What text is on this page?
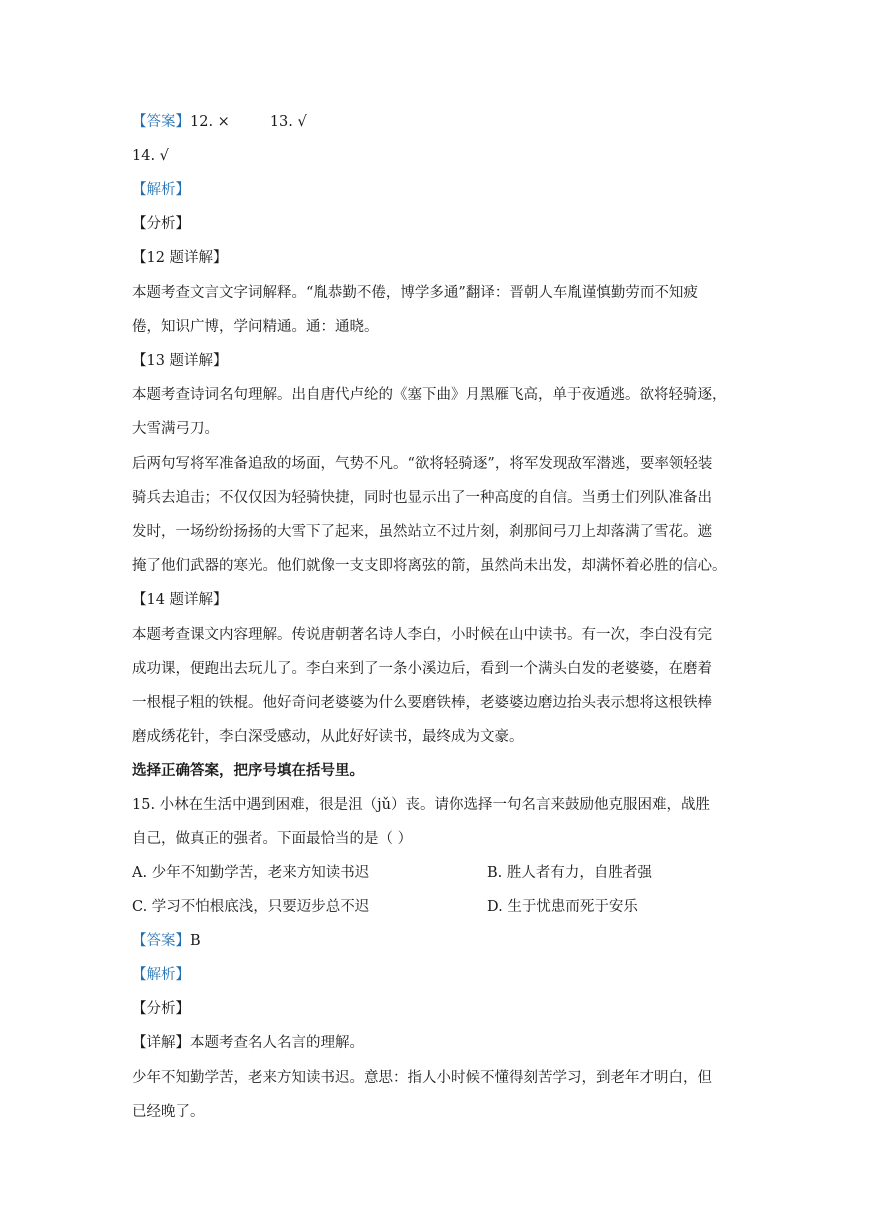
【答案】12. ×	13. √
14. √
【解析】
【分析】
【12 题详解】
本题考查文言文字词解释。“胤恭勤不倦，博学多通”翻译：晋朝人车胤谨慎勤劳而不知疲
倦，知识广博，学问精通。通：通晓。
【13 题详解】
本题考查诗词名句理解。出自唐代卢纶的《塞下曲》月黑雁飞高，单于夜遁逃。欲将轻骑逐，
大雪满弓刀。
后两句写将军准备追敌的场面，气势不凡。“欲将轻骑逐”，将军发现敌军潜逃，要率领轻装
骑兵去追击；不仅仅因为轻骑快捷，同时也显示出了一种高度的自信。当勇士们列队准备出
发时，一场纷纷扬扬的大雪下了起来，虽然站立不过片刻，刹那间弓刀上却落满了雪花。遮
掩了他们武器的寒光。他们就像一支支即将离弦的箭，虽然尚未出发，却满怀着必胜的信心。
【14 题详解】
本题考查课文内容理解。传说唐朝著名诗人李白，小时候在山中读书。有一次，李白没有完
成功课，便跑出去玩儿了。李白来到了一条小溪边后，看到一个满头白发的老婆婆，在磨着
一根棍子粗的铁棍。他好奇问老婆婆为什么要磨铁棒，老婆婆边磨边抬头表示想将这根铁棒
磨成绣花针，李白深受感动，从此好好读书，最终成为文豪。
选择正确答案，把序号填在括号里。
15. 小林在生活中遇到困难，很是沮（jǔ）丧。请你选择一句名言来鼓励他克服困难，战胜
自己，做真正的强者。下面最恰当的是（ ）
A. 少年不知勤学苦，老来方知读书迟	B. 胜人者有力，自胜者强
C. 学习不怕根底浅，只要迈步总不迟	D. 生于忧患而死于安乐
【答案】B
【解析】
【分析】
【详解】本题考查名人名言的理解。
少年不知勤学苦，老来方知读书迟。意思：指人小时候不懂得刻苦学习，到老年才明白，但
已经晚了。
